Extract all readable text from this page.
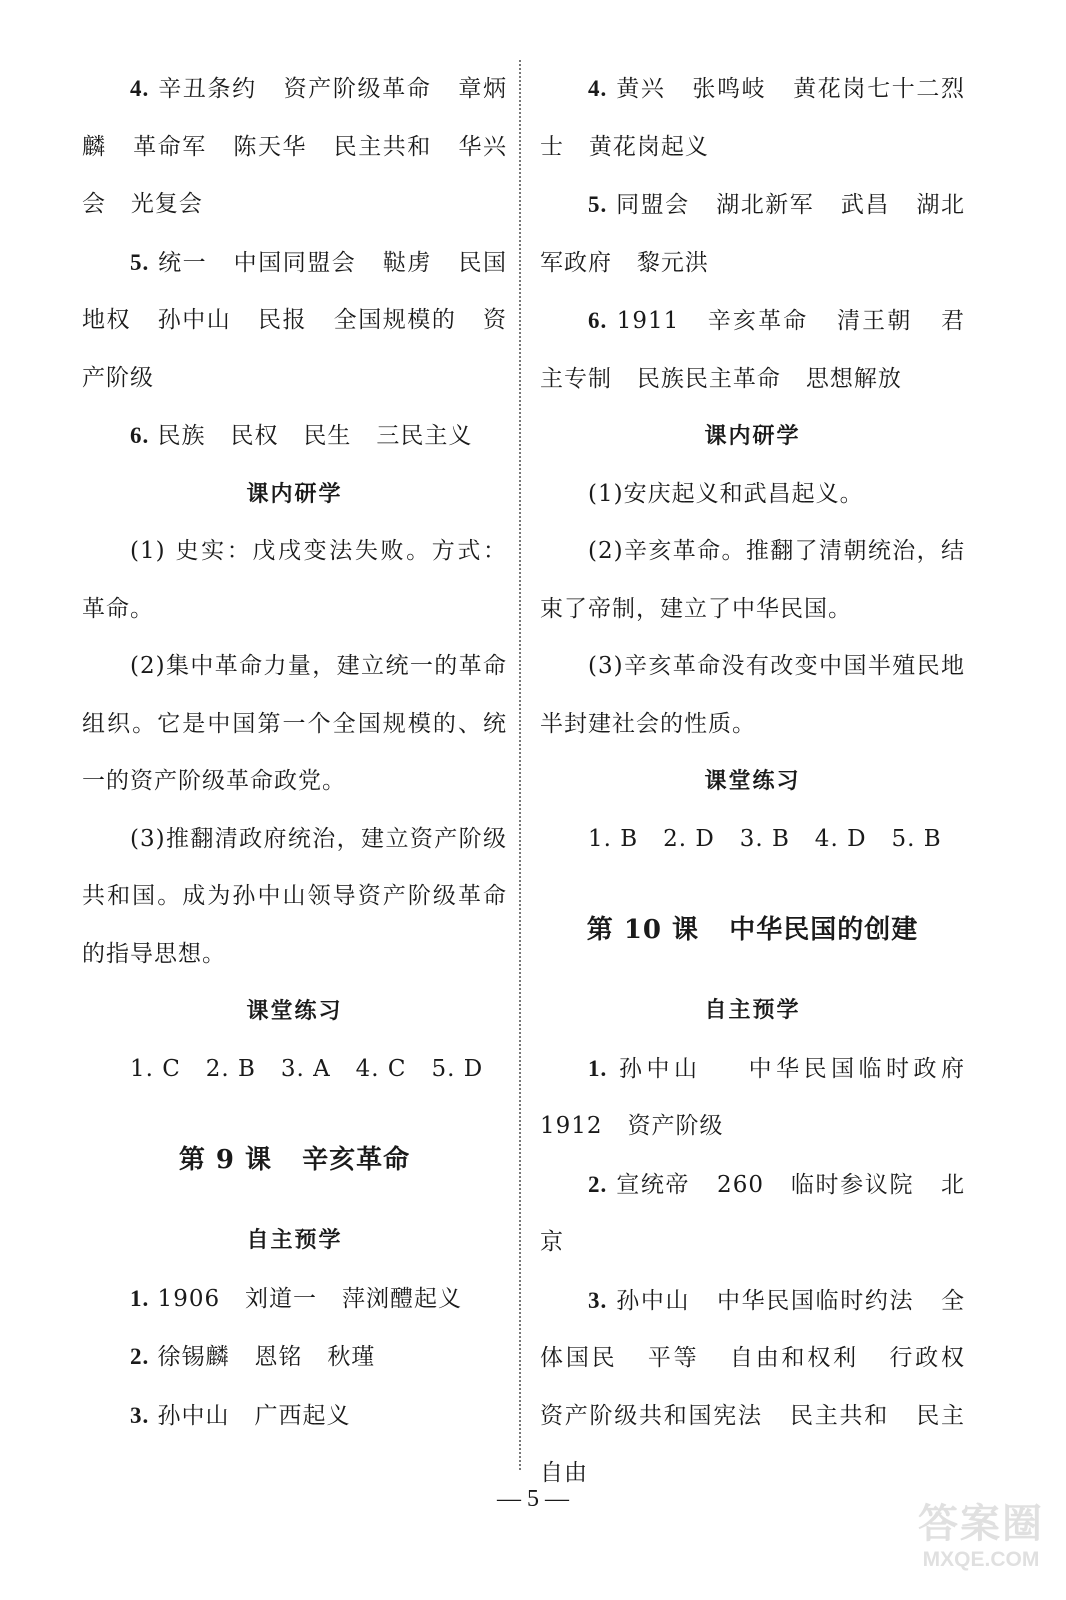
4. 辛丑条约   资产阶级革命   章炳麟   革命军   陈天华   民主共和   华兴会   光复会

5. 统一   中国同盟会   鞑虏   民国   地权   孙中山   民报   全国规模的   资产阶级

6. 民族   民权   民生   三民主义

课内研学

(1) 史实：戊戌变法失败。方式：革命。

(2)集中革命力量，建立统一的革命组织。它是中国第一个全国规模的、统一的资产阶级革命政党。

(3)推翻清政府统治，建立资产阶级共和国。成为孙中山领导资产阶级革命的指导思想。

课堂练习

1. C   2. B   3. A   4. C   5. D

第 9 课   辛亥革命
自主预学

1. 1906   刘道一   萍浏醴起义

2. 徐锡麟   恩铭   秋瑾

3. 孙中山   广西起义

4. 黄兴   张鸣岐   黄花岗七十二烈士   黄花岗起义

5. 同盟会   湖北新军   武昌   湖北军政府   黎元洪

6. 1911   辛亥革命   清王朝   君主专制   民族民主革命   思想解放

课内研学

(1)安庆起义和武昌起义。

(2)辛亥革命。推翻了清朝统治，结束了帝制，建立了中华民国。

(3)辛亥革命没有改变中国半殖民地半封建社会的性质。

课堂练习

1. B   2. D   3. B   4. D   5. B

第 10 课   中华民国的创建
自主预学

1. 孙中山    中华民国临时政府   1912   资产阶级

2. 宣统帝   260   临时参议院   北京

3. 孙中山   中华民国临时约法   全体国民   平等   自由和权利   行政权   资产阶级共和国宪法   民主共和   民主自由

— 5 —
答案圈
MXQE.COM
